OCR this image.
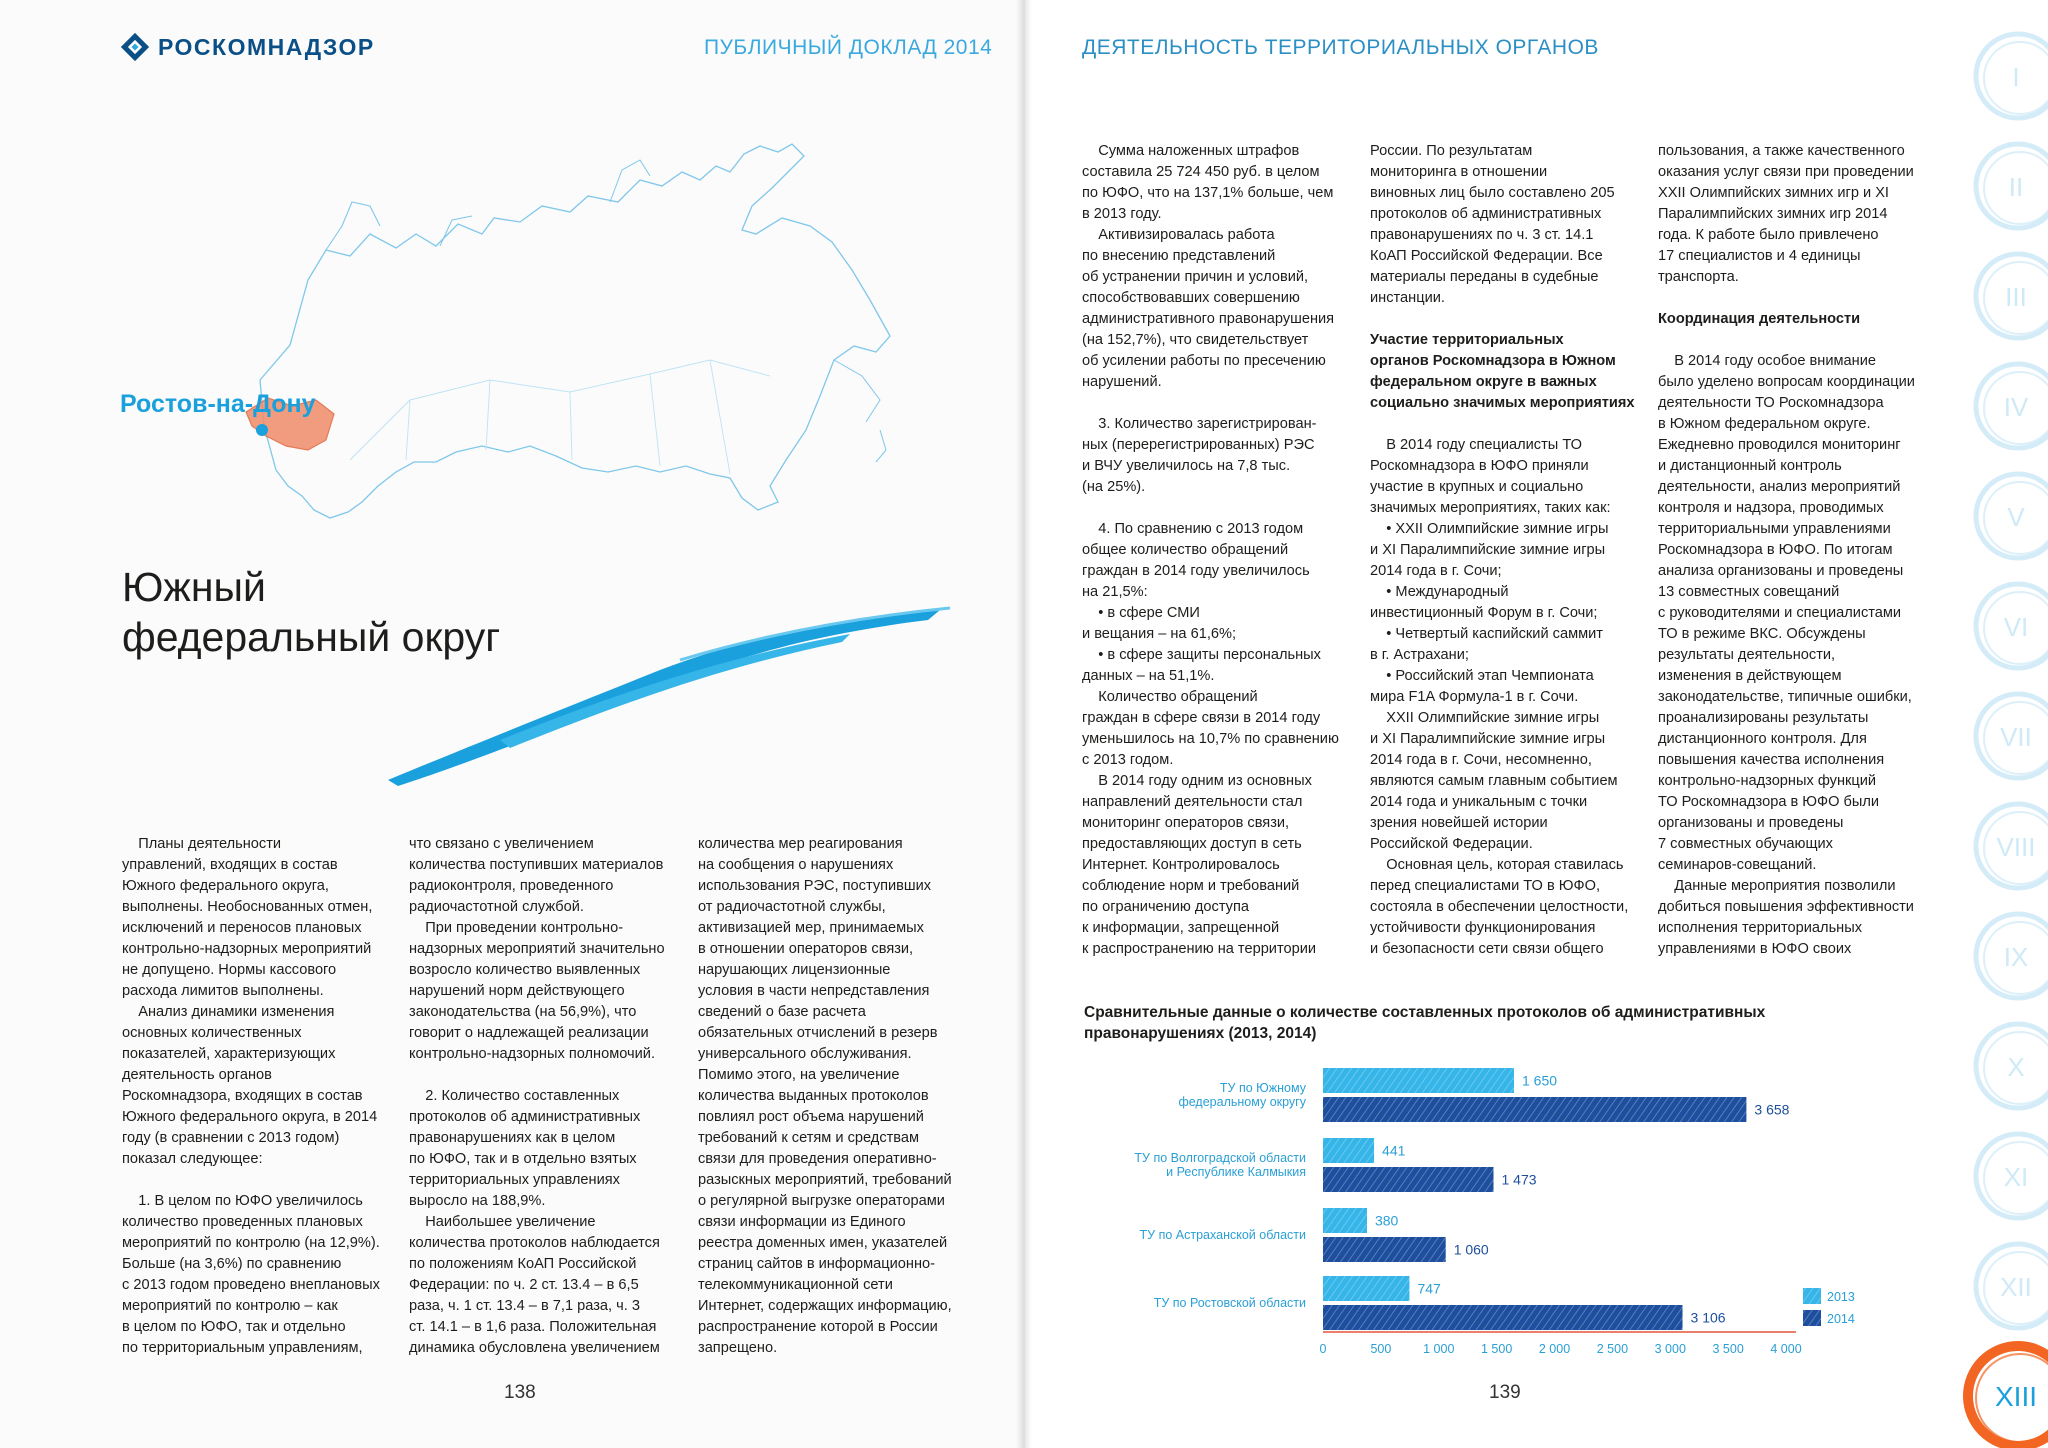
РОСКОМНАДЗОР	ПУБЛИЧНЫЙ ДОКЛАД 2014	ДЕЯТЕЛЬНОСТЬ ТЕРРИТОРИАЛЬНЫХ ОРГАНОВ
Ростов-на-Дону
Южный
федеральный округ

Планы деятельности

управлений, входящих в состав

Южного федерального округа,

выполнены. Необоснованных отмен,

исключений и переносов плановых

контрольно-надзорных мероприятий

не допущено. Нормы кассового

расхода лимитов выполнены.

Анализ динамики изменения

основных количественных

показателей, характеризующих

деятельность органов

Роскомнадзора, входящих в состав

Южного федерального округа, в 2014

году (в сравнении с 2013 годом)

показал следующее:

1. В целом по ЮФО увеличилось

количество проведенных плановых

мероприятий по контролю (на 12,9%).

Больше (на 3,6%) по сравнению

с 2013 годом проведено внеплановых

мероприятий по контролю – как

в целом по ЮФО, так и отдельно

по территориальным управлениям,

что связано с увеличением

количества поступивших материалов

радиоконтроля, проведенного

радиочастотной службой.

При проведении контрольно-

надзорных мероприятий значительно

возросло количество выявленных

нарушений норм действующего

законодательства (на 56,9%), что

говорит о надлежащей реализации

контрольно-надзорных полномочий.

2. Количество составленных

протоколов об административных

правонарушениях как в целом

по ЮФО, так и в отдельно взятых

территориальных управлениях

выросло на 188,9%.

Наибольшее увеличение

количества протоколов наблюдается

по положениям КоАП Российской

Федерации: по ч. 2 ст. 13.4 – в 6,5

раза, ч. 1 ст. 13.4 – в 7,1 раза, ч. 3

ст. 14.1 – в 1,6 раза. Положительная

динамика обусловлена увеличением

количества мер реагирования

на сообщения о нарушениях

использования РЭС, поступивших

от радиочастотной службы,

активизацией мер, принимаемых

в отношении операторов связи,

нарушающих лицензионные

условия в части непредставления

сведений о базе расчета

обязательных отчислений в резерв

универсального обслуживания.

Помимо этого, на увеличение

количества выданных протоколов

повлиял рост объема нарушений

требований к сетям и средствам

связи для проведения оперативно-

разыскных мероприятий, требований

о регулярной выгрузке операторами

связи информации из Единого

реестра доменных имен, указателей

страниц сайтов в информационно-

телекоммуникационной сети

Интернет, содержащих информацию,

распространение которой в России

запрещено.

Сумма наложенных штрафов

составила 25 724 450 руб. в целом

по ЮФО, что на 137,1% больше, чем

в 2013 году.

Активизировалась работа

по внесению представлений

об устранении причин и условий,

способствовавших совершению

административного правонарушения

(на 152,7%), что свидетельствует

об усилении работы по пресечению

нарушений.

3. Количество зарегистрирован-

ных (перерегистрированных) РЭС

и ВЧУ увеличилось на 7,8 тыс.

(на 25%).

4. По сравнению с 2013 годом

общее количество обращений

граждан в 2014 году увеличилось

на 21,5%:

• в сфере СМИ

и вещания – на 61,6%;

• в сфере защиты персональных

данных – на 51,1%.

Количество обращений

граждан в сфере связи в 2014 году

уменьшилось на 10,7% по сравнению

с 2013 годом.

В 2014 году одним из основных

направлений деятельности стал

мониторинг операторов связи,

предоставляющих доступ в сеть

Интернет. Контролировалось

соблюдение норм и требований

по ограничению доступа

к информации, запрещенной

к распространению на территории

России. По результатам

мониторинга в отношении

виновных лиц было составлено 205

протоколов об административных

правонарушениях по ч. 3 ст. 14.1

КоАП Российской Федерации. Все

материалы переданы в судебные

инстанции.

Участие территориальных

органов Роскомнадзора в Южном

федеральном округе в важных

социально значимых мероприятиях

В 2014 году специалисты ТО

Роскомнадзора в ЮФО приняли

участие в крупных и социально

значимых мероприятиях, таких как:

• XXII Олимпийские зимние игры

и XI Паралимпийские зимние игры

2014 года в г. Сочи;

• Международный

инвестиционный Форум в г. Сочи;

• Четвертый каспийский саммит

в г. Астрахани;

• Российский этап Чемпионата

мира F1A Формула-1 в г. Сочи.

XXII Олимпийские зимние игры

и XI Паралимпийские зимние игры

2014 года в г. Сочи, несомненно,

являются самым главным событием

2014 года и уникальным с точки

зрения новейшей истории

Российской Федерации.

Основная цель, которая ставилась

перед специалистами ТО в ЮФО,

состояла в обеспечении целостности,

устойчивости функционирования

и безопасности сети связи общего

пользования, а также качественного

оказания услуг связи при проведении

XXII Олимпийских зимних игр и XI

Паралимпийских зимних игр 2014

года. К работе было привлечено

17 специалистов и 4 единицы

транспорта.

Координация деятельности

В 2014 году особое внимание

было уделено вопросам координации

деятельности ТО Роскомнадзора

в Южном федеральном округе.

Ежедневно проводился мониторинг

и дистанционный контроль

деятельности, анализ мероприятий

контроля и надзора, проводимых

территориальными управлениями

Роскомнадзора в ЮФО. По итогам

анализа организованы и проведены

13 совместных совещаний

с руководителями и специалистами

ТО в режиме ВКС. Обсуждены

результаты деятельности,

изменения в действующем

законодательстве, типичные ошибки,

проанализированы результаты

дистанционного контроля. Для

повышения качества исполнения

контрольно-надзорных функций

ТО Роскомнадзора в ЮФО были

организованы и проведены

7 совместных обучающих

семинаров-совещаний.

Данные мероприятия позволили

добиться повышения эффективности

исполнения территориальных

управлениями в ЮФО своих

Сравнительные данные о количестве составленных протоколов об административных
правонарушениях (2013, 2014)
ТУ по Южному
федеральному округу
1 650
3 658
ТУ по Волгоградской области
и Республике Калмыкия
441
1 473
ТУ по Астраханской области
380
1 060
ТУ по Ростовской области
747
3 106
0	500	1 000 1 500 2 000 2 500 3 000 3 500 4 000
2013
2014
138	139
I
II
III
IV
V
VI
VII
VIII
IX
X
XI
XII
XIII
